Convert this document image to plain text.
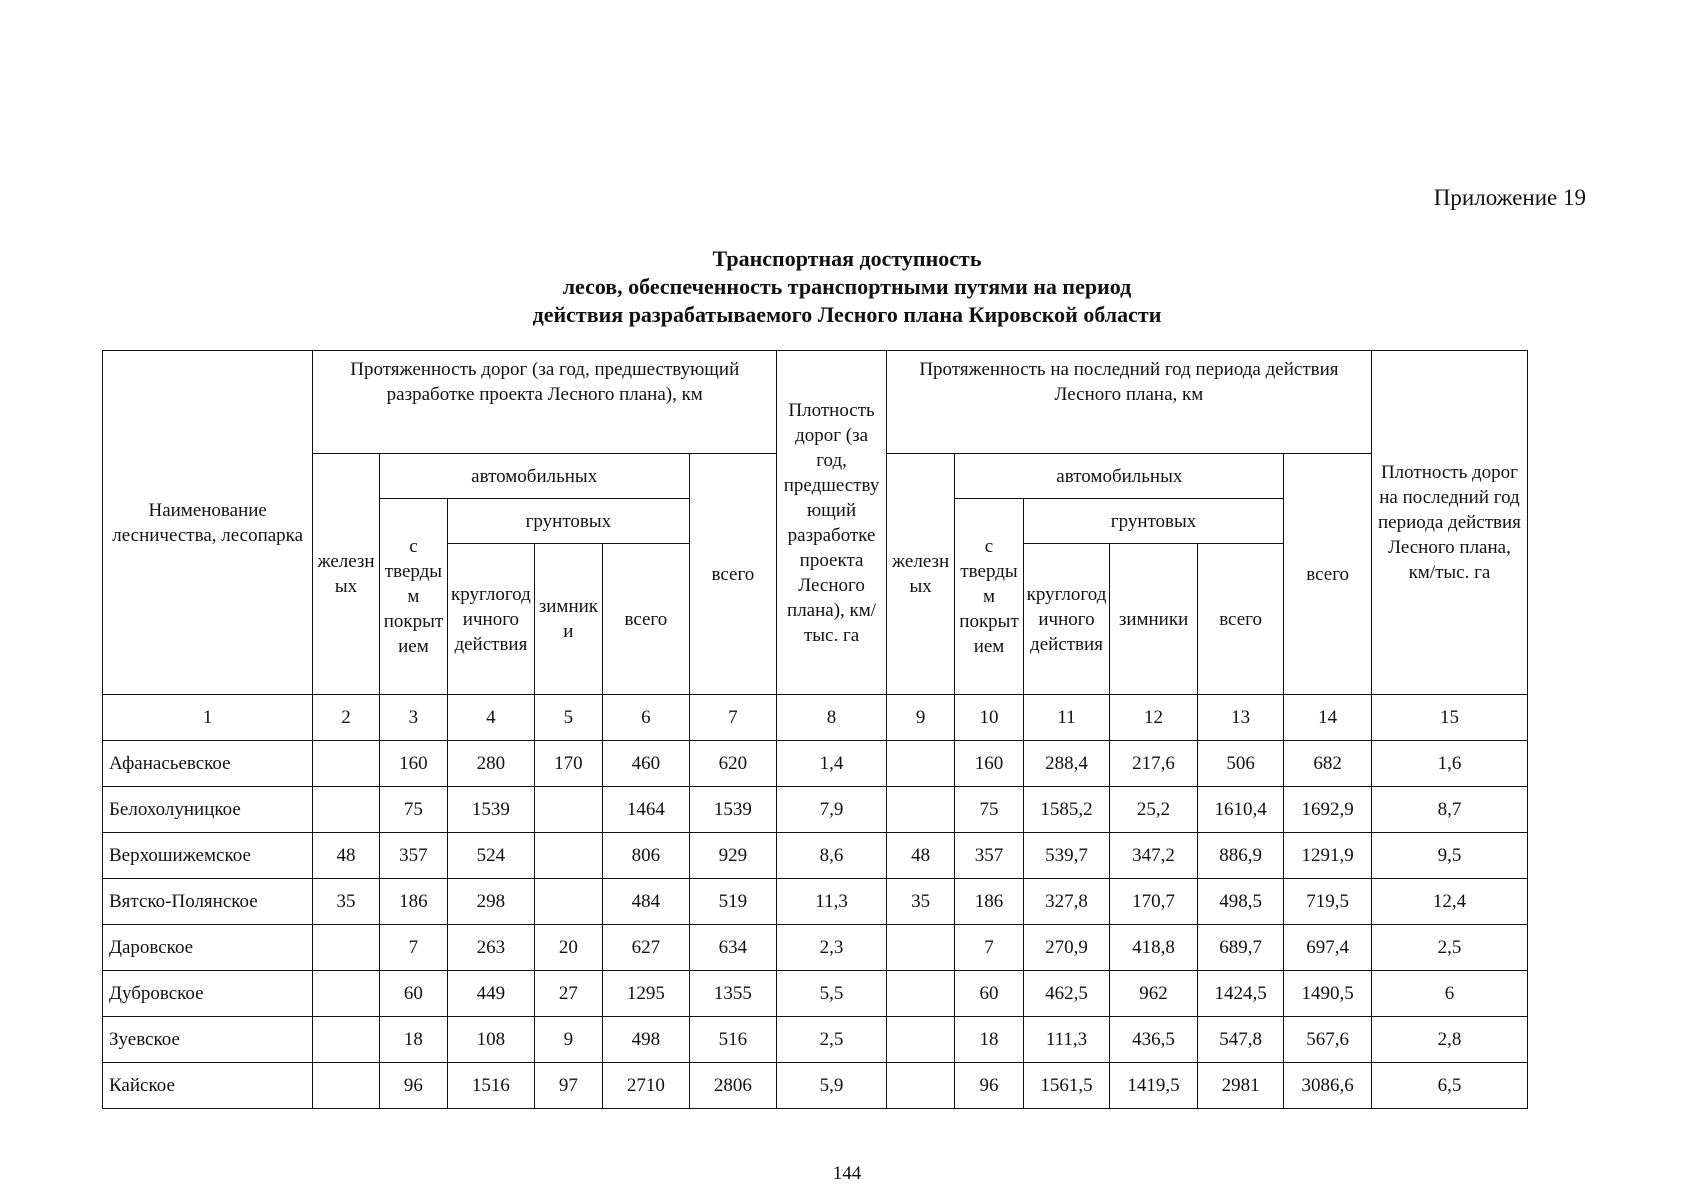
Приложение 19
Транспортная доступность
лесов, обеспеченность транспортными путями на период
действия разрабатываемого Лесного плана Кировской области
Наименование лесничества, лесопарка	Протяженность дорог (за год, предшествующий разработке проекта Лесного плана), км						Плотность дорог (за год, предшествующий разработке проекта Лесного плана), км/тыс. га	Протяженность на последний год периода действия Лесного плана, км						Плотность дорог на последний год периода действия Лесного плана, км/тыс. га
	железных	автомобильных				всего		железных	автомобильных				всего	
		с твердым покрытием	грунтовых						с твердым покрытием	грунтовых				
			круглогодичного действия	зимники	всего					круглогодичного действия	зимники	всего		
1	2	3	4	5	6	7	8	9	10	11	12	13	14	15
Афанасьевское		160	280	170	460	620	1,4		160	288,4	217,6	506	682	1,6
Белохолуницкое		75	1539		1464	1539	7,9		75	1585,2	25,2	1610,4	1692,9	8,7
Верхошижемское	48	357	524		806	929	8,6	48	357	539,7	347,2	886,9	1291,9	9,5
Вятско-Полянское	35	186	298		484	519	11,3	35	186	327,8	170,7	498,5	719,5	12,4
Даровское		7	263	20	627	634	2,3		7	270,9	418,8	689,7	697,4	2,5
Дубровское		60	449	27	1295	1355	5,5		60	462,5	962	1424,5	1490,5	6
Зуевское		18	108	9	498	516	2,5		18	111,3	436,5	547,8	567,6	2,8
Кайское		96	1516	97	2710	2806	5,9		96	1561,5	1419,5	2981	3086,6	6,5
144
